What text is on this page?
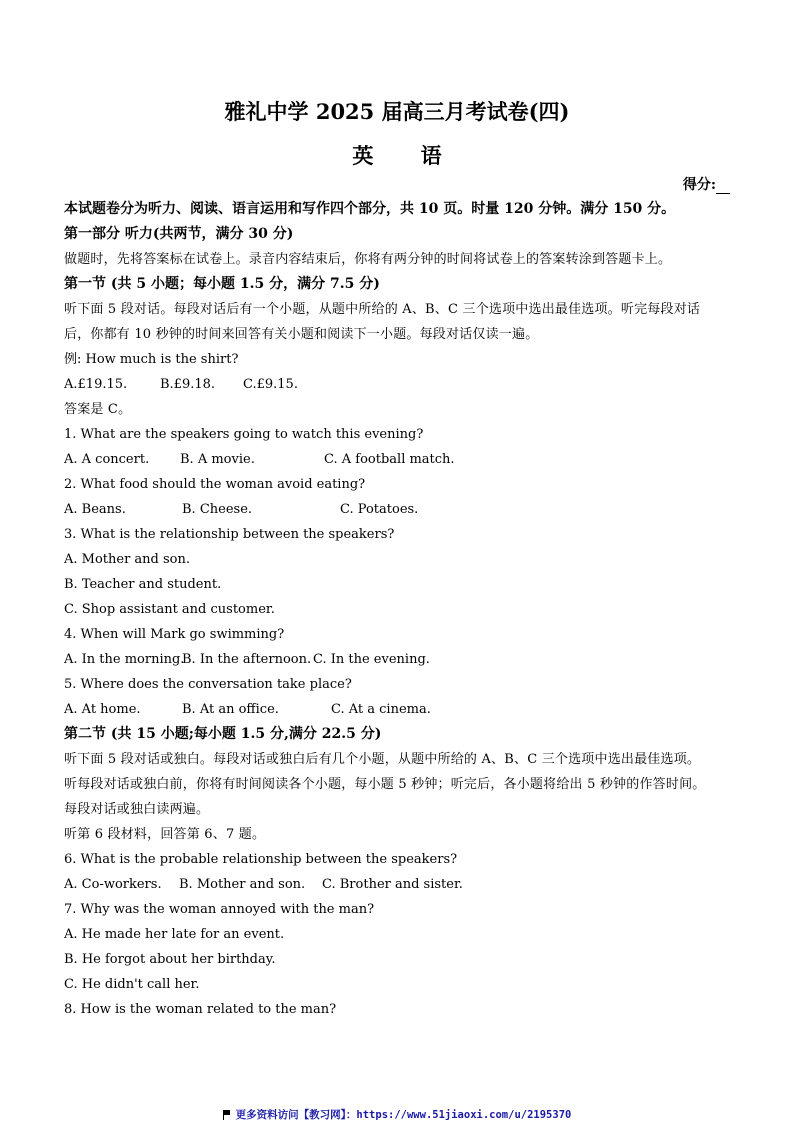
雅礼中学 2025 届高三月考试卷(四)
英 语
得分:
本试题卷分为听力、阅读、语言运用和写作四个部分，共 10 页。时量 120 分钟。满分 150 分。
第一部分 听力(共两节，满分 30 分)
做题时，先将答案标在试卷上。录音内容结束后，你将有两分钟的时间将试卷上的答案转涂到答题卡上。
第一节 (共 5 小题；每小题 1.5 分，满分 7.5 分)
听下面 5 段对话。每段对话后有一个小题，从题中所给的 A、B、C 三个选项中选出最佳选项。听完每段对话
后，你都有 10 秒钟的时间来回答有关小题和阅读下一小题。每段对话仅读一遍。
例: How much is the shirt?
A.£19.15.	B.£9.18. C.£9.15.
答案是 C。
1. What are the speakers going to watch this evening?
A. A concert. B. A movie.	C. A football match.
2. What food should the woman avoid eating?
A. Beans.	B. Cheese.	C. Potatoes.
3. What is the relationship between the speakers?
A. Mother and son.
B. Teacher and student.
C. Shop assistant and customer.
4. When will Mark go swimming?
A. In the morning.B. In the afternoon. C. In the evening.
5. Where does the conversation take place?
A. At home.	B. At an office.	C. At a cinema.
第二节 (共 15 小题;每小题 1.5 分,满分 22.5 分)
听下面 5 段对话或独白。每段对话或独白后有几个小题，从题中所给的 A、B、C 三个选项中选出最佳选项。
听每段对话或独白前，你将有时间阅读各个小题，每小题 5 秒钟；听完后，各小题将给出 5 秒钟的作答时间。
每段对话或独白读两遍。
听第 6 段材料，回答第 6、7 题。
6. What is the probable relationship between the speakers?
A. Co-workers. B. Mother and son. C. Brother and sister.
7. Why was the woman annoyed with the man?
A. He made her late for an event.
B. He forgot about her birthday.
C. He didn't call her.
8. How is the woman related to the man?
更多资料访问【教习网】：https://www.51jiaoxi.com/u/2195370
